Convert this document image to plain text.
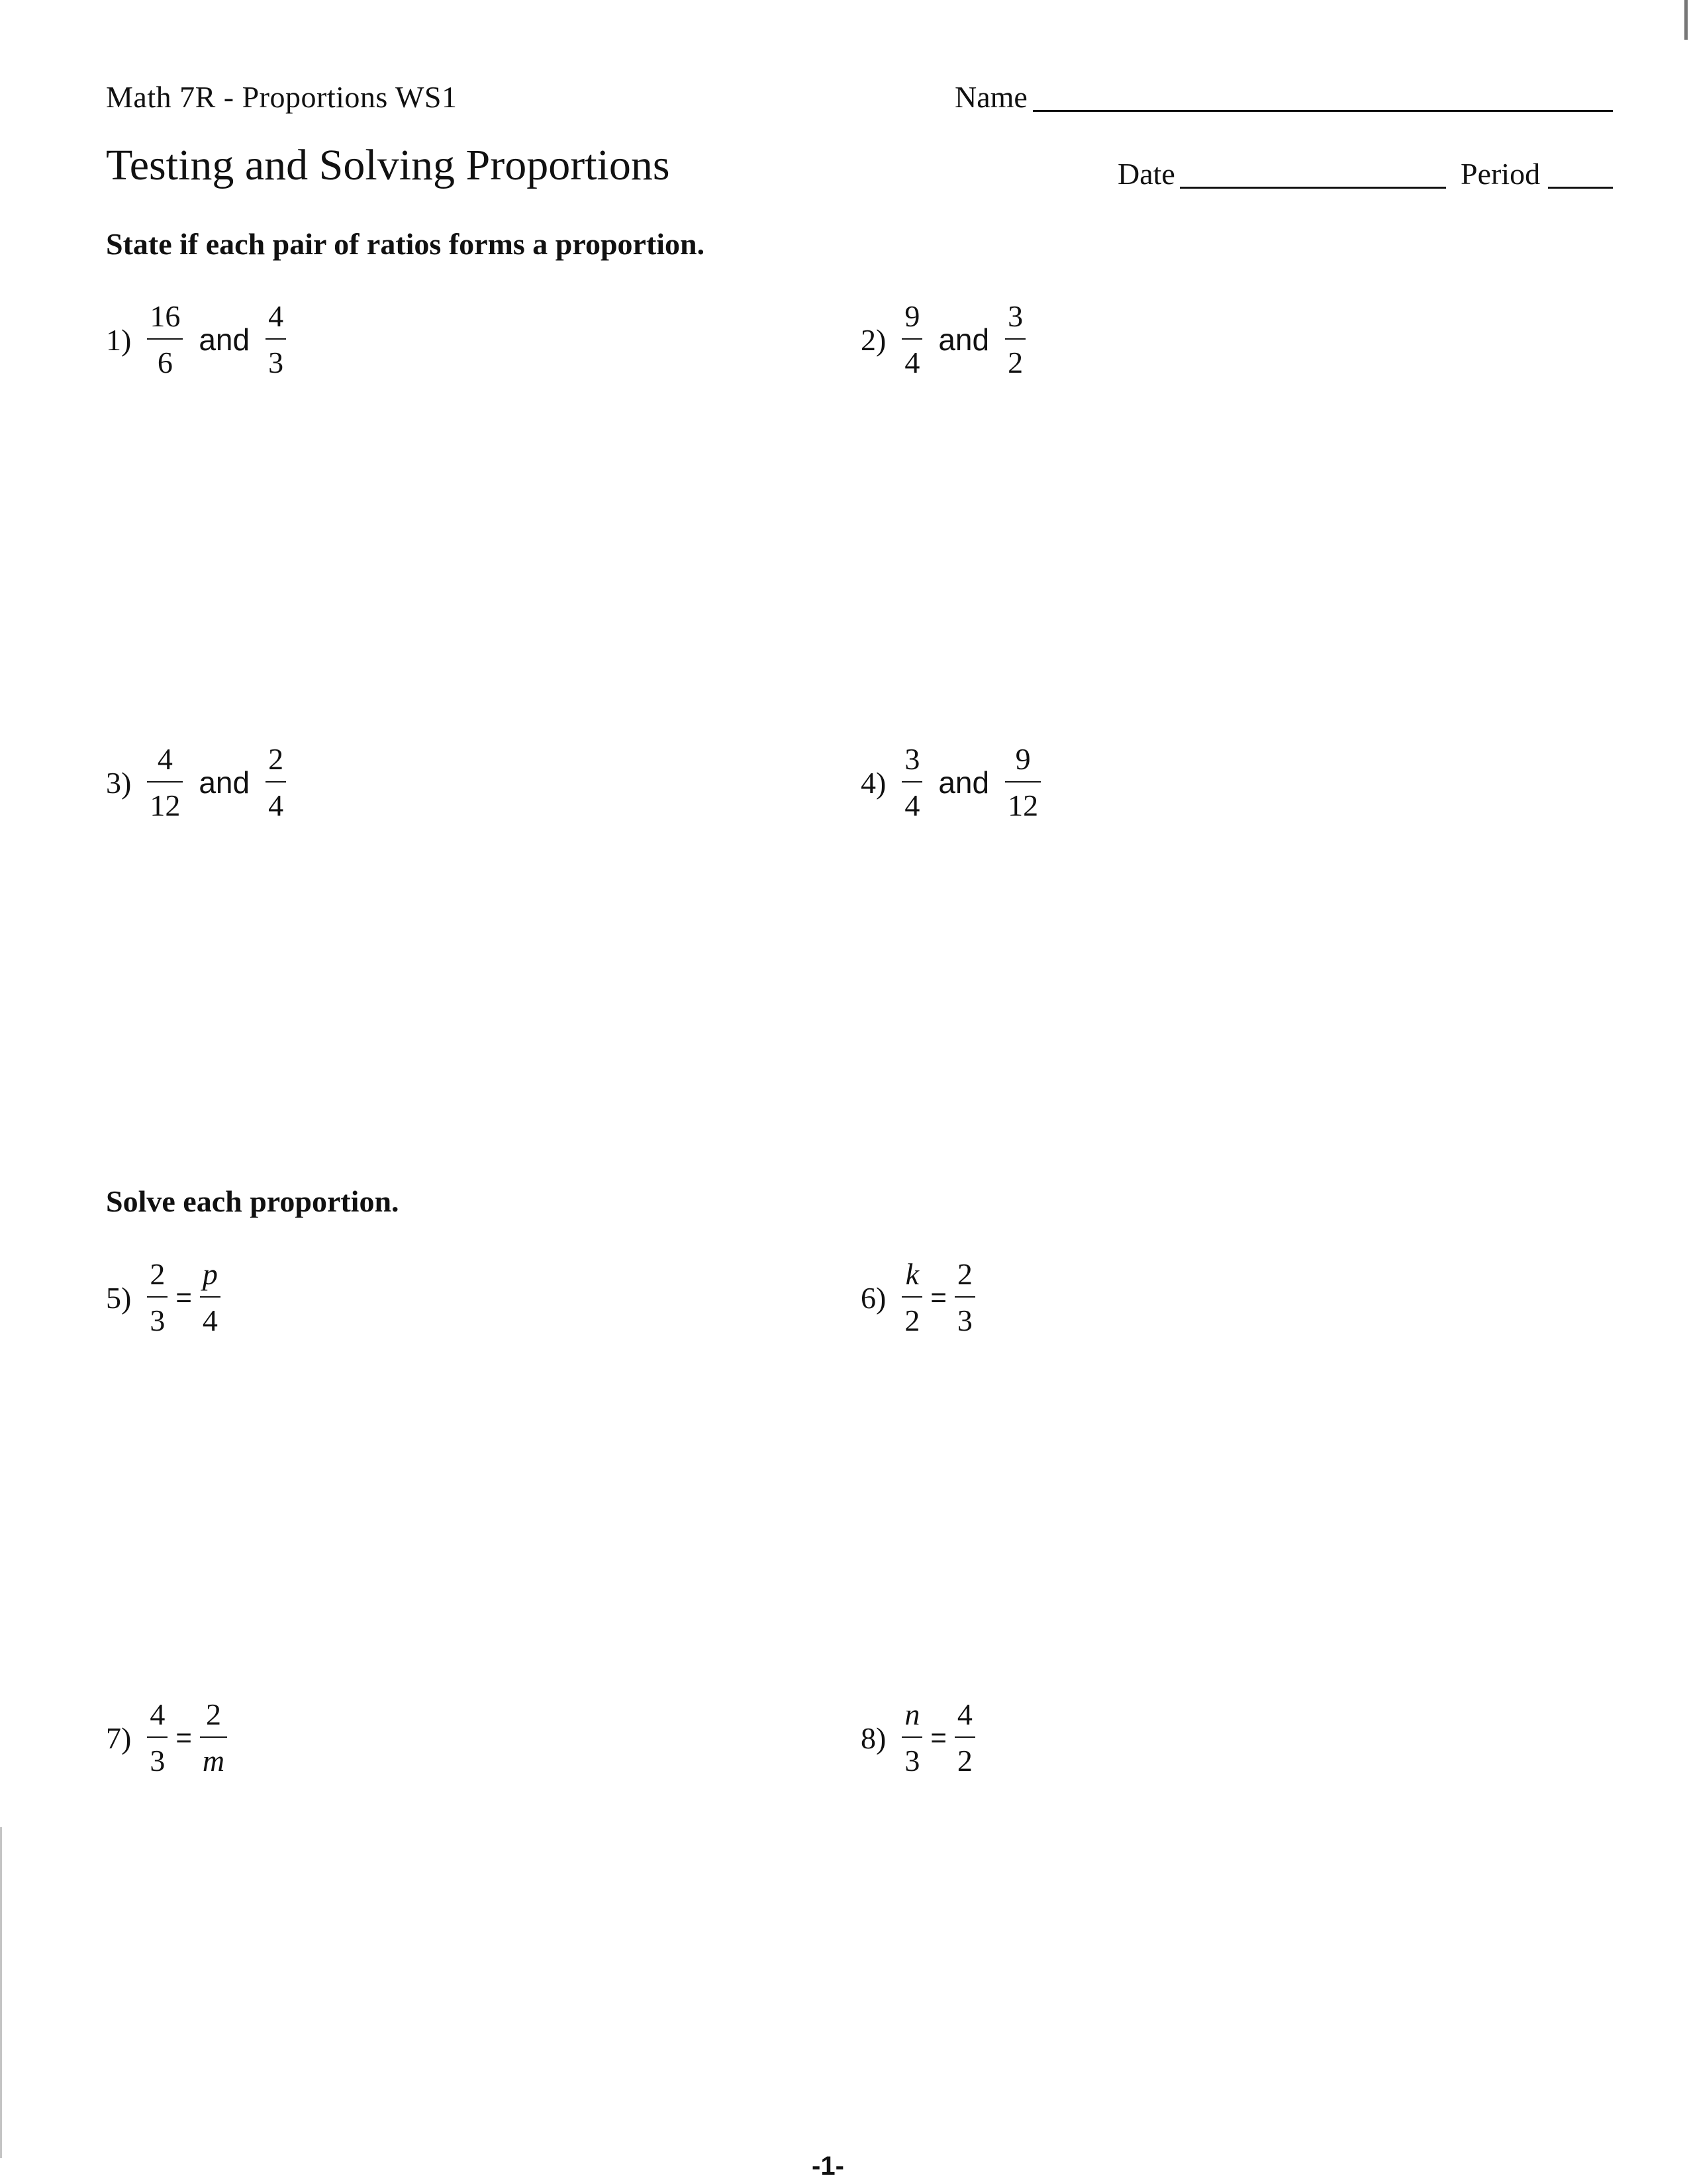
Math 7R - Proportions WS1
Testing and Solving Proportions
Name
Date	Period
State if each pair of ratios forms a proportion.
$1) \frac{16}{6}$ and $\frac{4}{3}$	$2) \frac{9}{4}$ and $\frac{3}{2}$
$3) \frac{4}{12}$ and $\frac{2}{4}$	$4) \frac{3}{4}$ and $\frac{9}{12}$
Solve each proportion.
$5) \frac{2}{3} = \frac{p}{4}$	$6) \frac{k}{2} = \frac{2}{3}$
$7) \frac{4}{3} = \frac{2}{m}$	$8) \frac{n}{3} = \frac{4}{2}$
-1-
